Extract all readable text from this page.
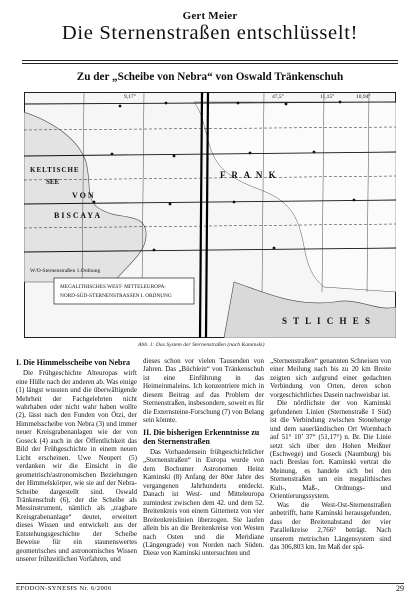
Gert Meier
Die Sternenstraßen entschlüsselt!
Zu der „Scheibe von Nebra“ von Oswald Tränkenschuh
KELTISCHE
SEE
V O N
B I S C A Y A
F R A N K
S T L I C H E S
W/O-Sternenstraßen 1.Ordnung
47,5°	11,15°	10,94°
9,17°
MEGALITHISCHES WEST- MITTELEUROPA-
NORD-SÜD-STERNENSTRASSEN I. ORDNUNG
Abb. 1: Das System der Sternenstraßen (nach Kaminski)
I. Die Himmelsscheibe von Nebra

Die Frühgeschichte Alteuropas wirft eine Hülle nach der anderen ab. Was einige (1) längst wussten und die überwältigende Mehrheit der Fachgelehrten nicht wahrhaben oder nicht wahr haben wollte (2), lässt nach den Funden von Ötzi, der Himmelsscheibe von Nebra (3) und immer neuer Kreisgrabenanlagen wie der von Goseck (4) auch in der Öffentlichkeit das Bild der Frühgeschichte in einem neuen Licht erscheinen. Uwe Neupert (5) verdanken wir die Einsicht in die geometrisch/astronomischen Beziehungen der Himmelskörper, wie sie auf der Nebra-Scheibe dargestellt sind. Oswald Tränkenschuh (6), der die Scheibe als Messinstrument, nämlich als „tragbare Kreisgrabenanlage“ deutet, erweitert dieses Wissen und entwickelt aus der Entstehungsgeschichte der Scheibe Beweise für ein staunenswertes geometrisches und astronomisches Wissen unserer frühzeitlichen Vorfahren, und

dieses schon vor vielen Tausenden von Jahren. Das „Büchlein“ von Tränkenschuh ist eine Einführung in das Heimeinmaleins. Ich konzentriere mich in diesem Beitrag auf das Problem der Sternenstraßen, insbesondere, soweit es für die Externsteine-Forschung (7) von Belang sein könnte.

II. Die bisherigen Erkenntnisse zu den Sternenstraßen

Das Vorhandensein frühgeschichtlicher „Sternenstraßen“ in Europa wurde von dem Bochumer Astronomen Heinz Kaminski (8) Anfang der 80er Jahre des vergangenen Jahrhunderts entdeckt. Danach ist West- und Mitteleuropa zumindest zwischen dem 42. und dem 52. Breitenkreis von einem Gitternetz von vier Breitenkreislinien überzogen. Sie laufen allein bis an die Breitenkreise von Westen nach Osten und die Meridiane (Längengrade) von Norden nach Süden. Diese von Kaminski untersuchten und

„Sternenstraßen“ genannten Schneisen von einer Meilung nach bis zu 20 km Breite zeigten sich aufgrund einer gedachten Verbindung von Orten, deren schon vorgeschichtliches Dasein nachweisbar ist.

Die nördlichste der von Kaminski gefundenen Linien (Sternenstraße I Süd) ist die Verbindung zwischen Stonehenge und dem sauerländischen Ort Wormbach auf 51° 10’ 37“ (51,17°) n. Br. Die Linie setzt sich über den Hohen Meißner (Eschwege) und Goseck (Naumburg) bis nach Breslau fort. Kaminski vertrat die Meinung, es handele sich bei den Sternenstraßen um ein megalithisches Kult-, Maß-, Ordnungs- und Orientierungssystem.

Was die West-Ost-Sternenstraßen anbetrifft, hatte Kaminski herausgefunden, dass der Breitenabstand der vier Parallelkreise 2,766° beträgt. Nach unserem metrischen Längensystem sind das 306,803 km. Im Maß der spä-

EFODON-SYNESIS Nr. 6/2006	29
